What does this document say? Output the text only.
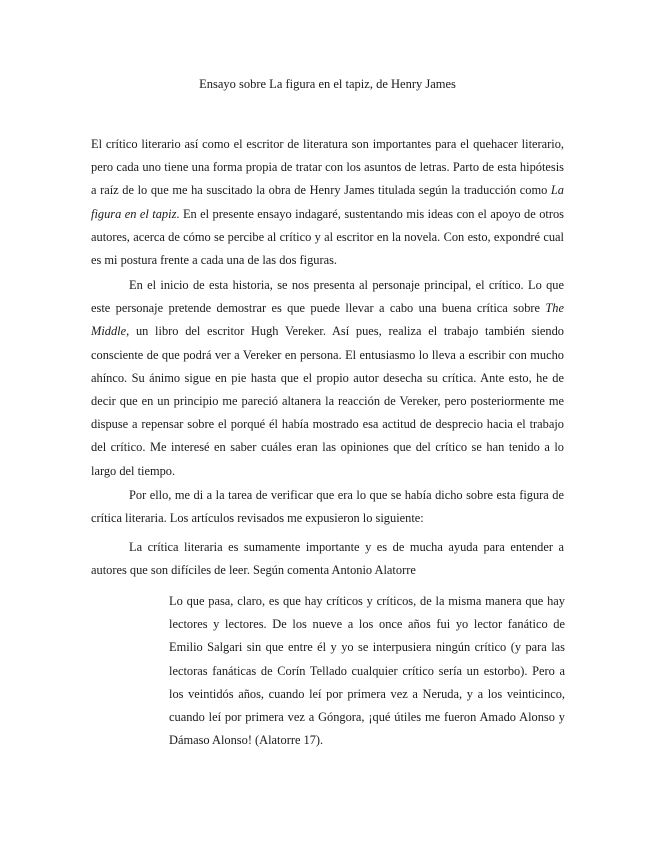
Ensayo sobre La figura en el tapiz, de Henry James

El crítico literario así como el escritor de literatura son importantes para el quehacer literario, pero cada uno tiene una forma propia de tratar con los asuntos de letras. Parto de esta hipótesis a raíz de lo que me ha suscitado la obra de Henry James titulada según la traducción como La figura en el tapiz. En el presente ensayo indagaré, sustentando mis ideas con el apoyo de otros autores, acerca de cómo se percibe al crítico y al escritor en la novela. Con esto, expondré cual es mi postura frente a cada una de las dos figuras.

En el inicio de esta historia, se nos presenta al personaje principal, el crítico. Lo que este personaje pretende demostrar es que puede llevar a cabo una buena crítica sobre The Middle, un libro del escritor Hugh Vereker. Así pues, realiza el trabajo también siendo consciente de que podrá ver a Vereker en persona. El entusiasmo lo lleva a escribir con mucho ahínco. Su ánimo sigue en pie hasta que el propio autor desecha su crítica. Ante esto, he de decir que en un principio me pareció altanera la reacción de Vereker, pero posteriormente me dispuse a repensar sobre el porqué él había mostrado esa actitud de desprecio hacia el trabajo del crítico. Me interesé en saber cuáles eran las opiniones que del crítico se han tenido a lo largo del tiempo.

Por ello, me di a la tarea de verificar que era lo que se había dicho sobre esta figura de crítica literaria. Los artículos revisados me expusieron lo siguiente:

La crítica literaria es sumamente importante y es de mucha ayuda para entender a autores que son difíciles de leer. Según comenta Antonio Alatorre

Lo que pasa, claro, es que hay críticos y críticos, de la misma manera que hay lectores y lectores. De los nueve a los once años fui yo lector fanático de Emilio Salgari sin que entre él y yo se interpusiera ningún crítico (y para las lectoras fanáticas de Corín Tellado cualquier crítico sería un estorbo). Pero a los veintidós años, cuando leí por primera vez a Neruda, y a los veinticinco, cuando leí por primera vez a Góngora, ¡qué útiles me fueron Amado Alonso y Dámaso Alonso! (Alatorre 17).
